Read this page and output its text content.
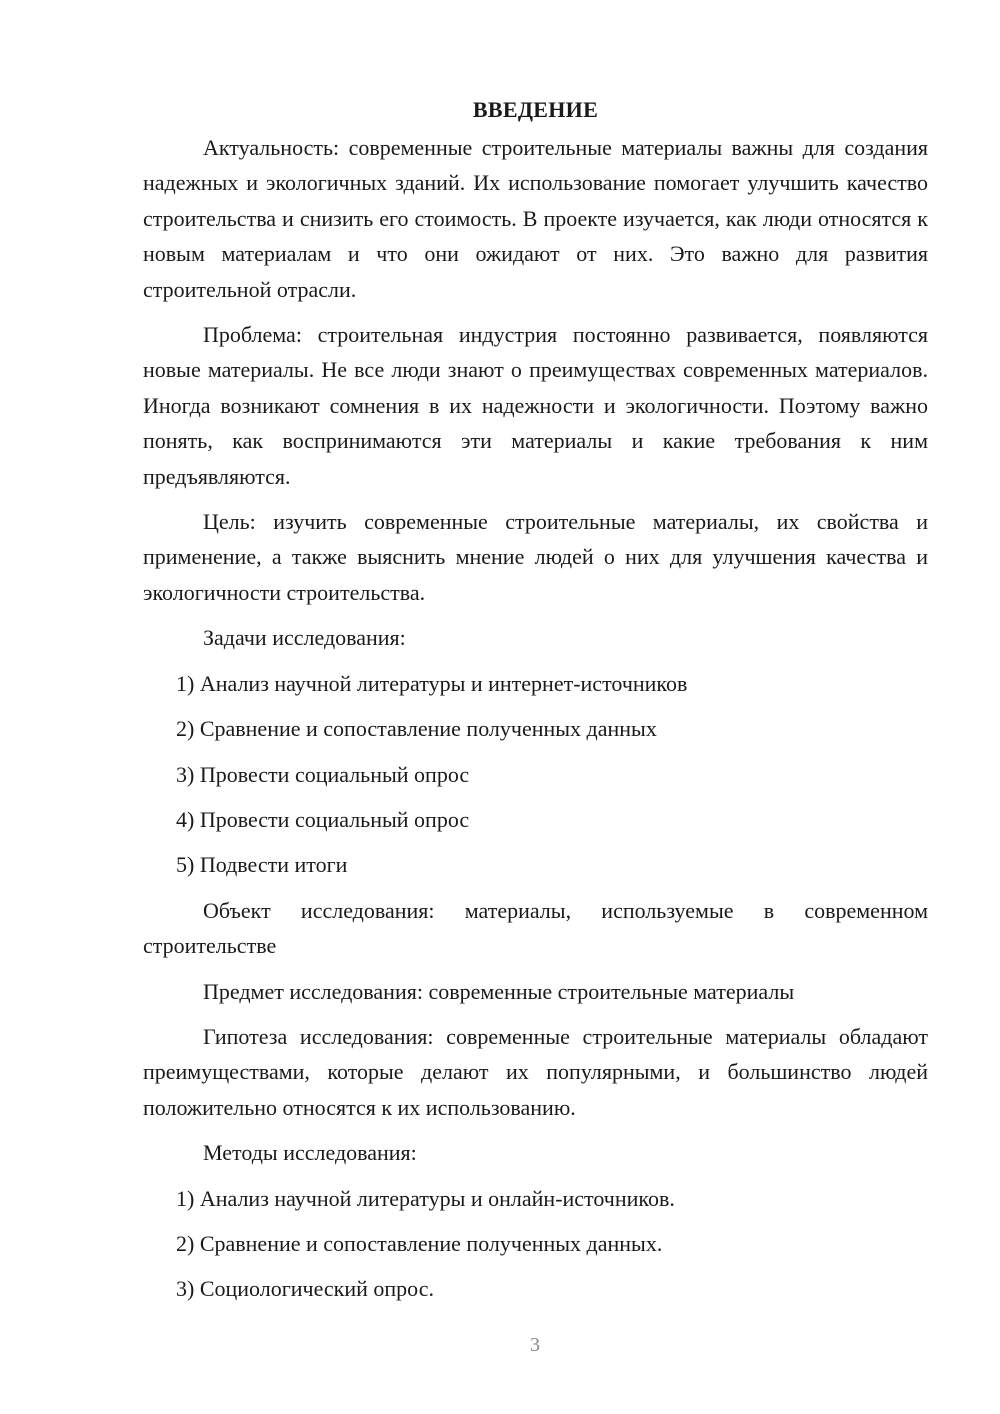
ВВЕДЕНИЕ

Актуальность: современные строительные материалы важны для создания надежных и экологичных зданий. Их использование помогает улучшить качество строительства и снизить его стоимость. В проекте изучается, как люди относятся к новым материалам и что они ожидают от них. Это важно для развития строительной отрасли.

Проблема: строительная индустрия постоянно развивается, появляются новые материалы. Не все люди знают о преимуществах современных материалов. Иногда возникают сомнения в их надежности и экологичности. Поэтому важно понять, как воспринимаются эти материалы и какие требования к ним предъявляются.

Цель: изучить современные строительные материалы, их свойства и применение, а также выяснить мнение людей о них для улучшения качества и экологичности строительства.

Задачи исследования:

1) Анализ научной литературы и интернет-источников

2) Сравнение и сопоставление полученных данных

3) Провести социальный опрос

4) Провести социальный опрос

5) Подвести итоги

Объект исследования: материалы, используемые в современном строительстве

Предмет исследования: современные строительные материалы

Гипотеза исследования: современные строительные материалы обладают преимуществами, которые делают их популярными, и большинство людей положительно относятся к их использованию.

Методы исследования:

1) Анализ научной литературы и онлайн-источников.

2) Сравнение и сопоставление полученных данных.

3) Социологический опрос.

3
